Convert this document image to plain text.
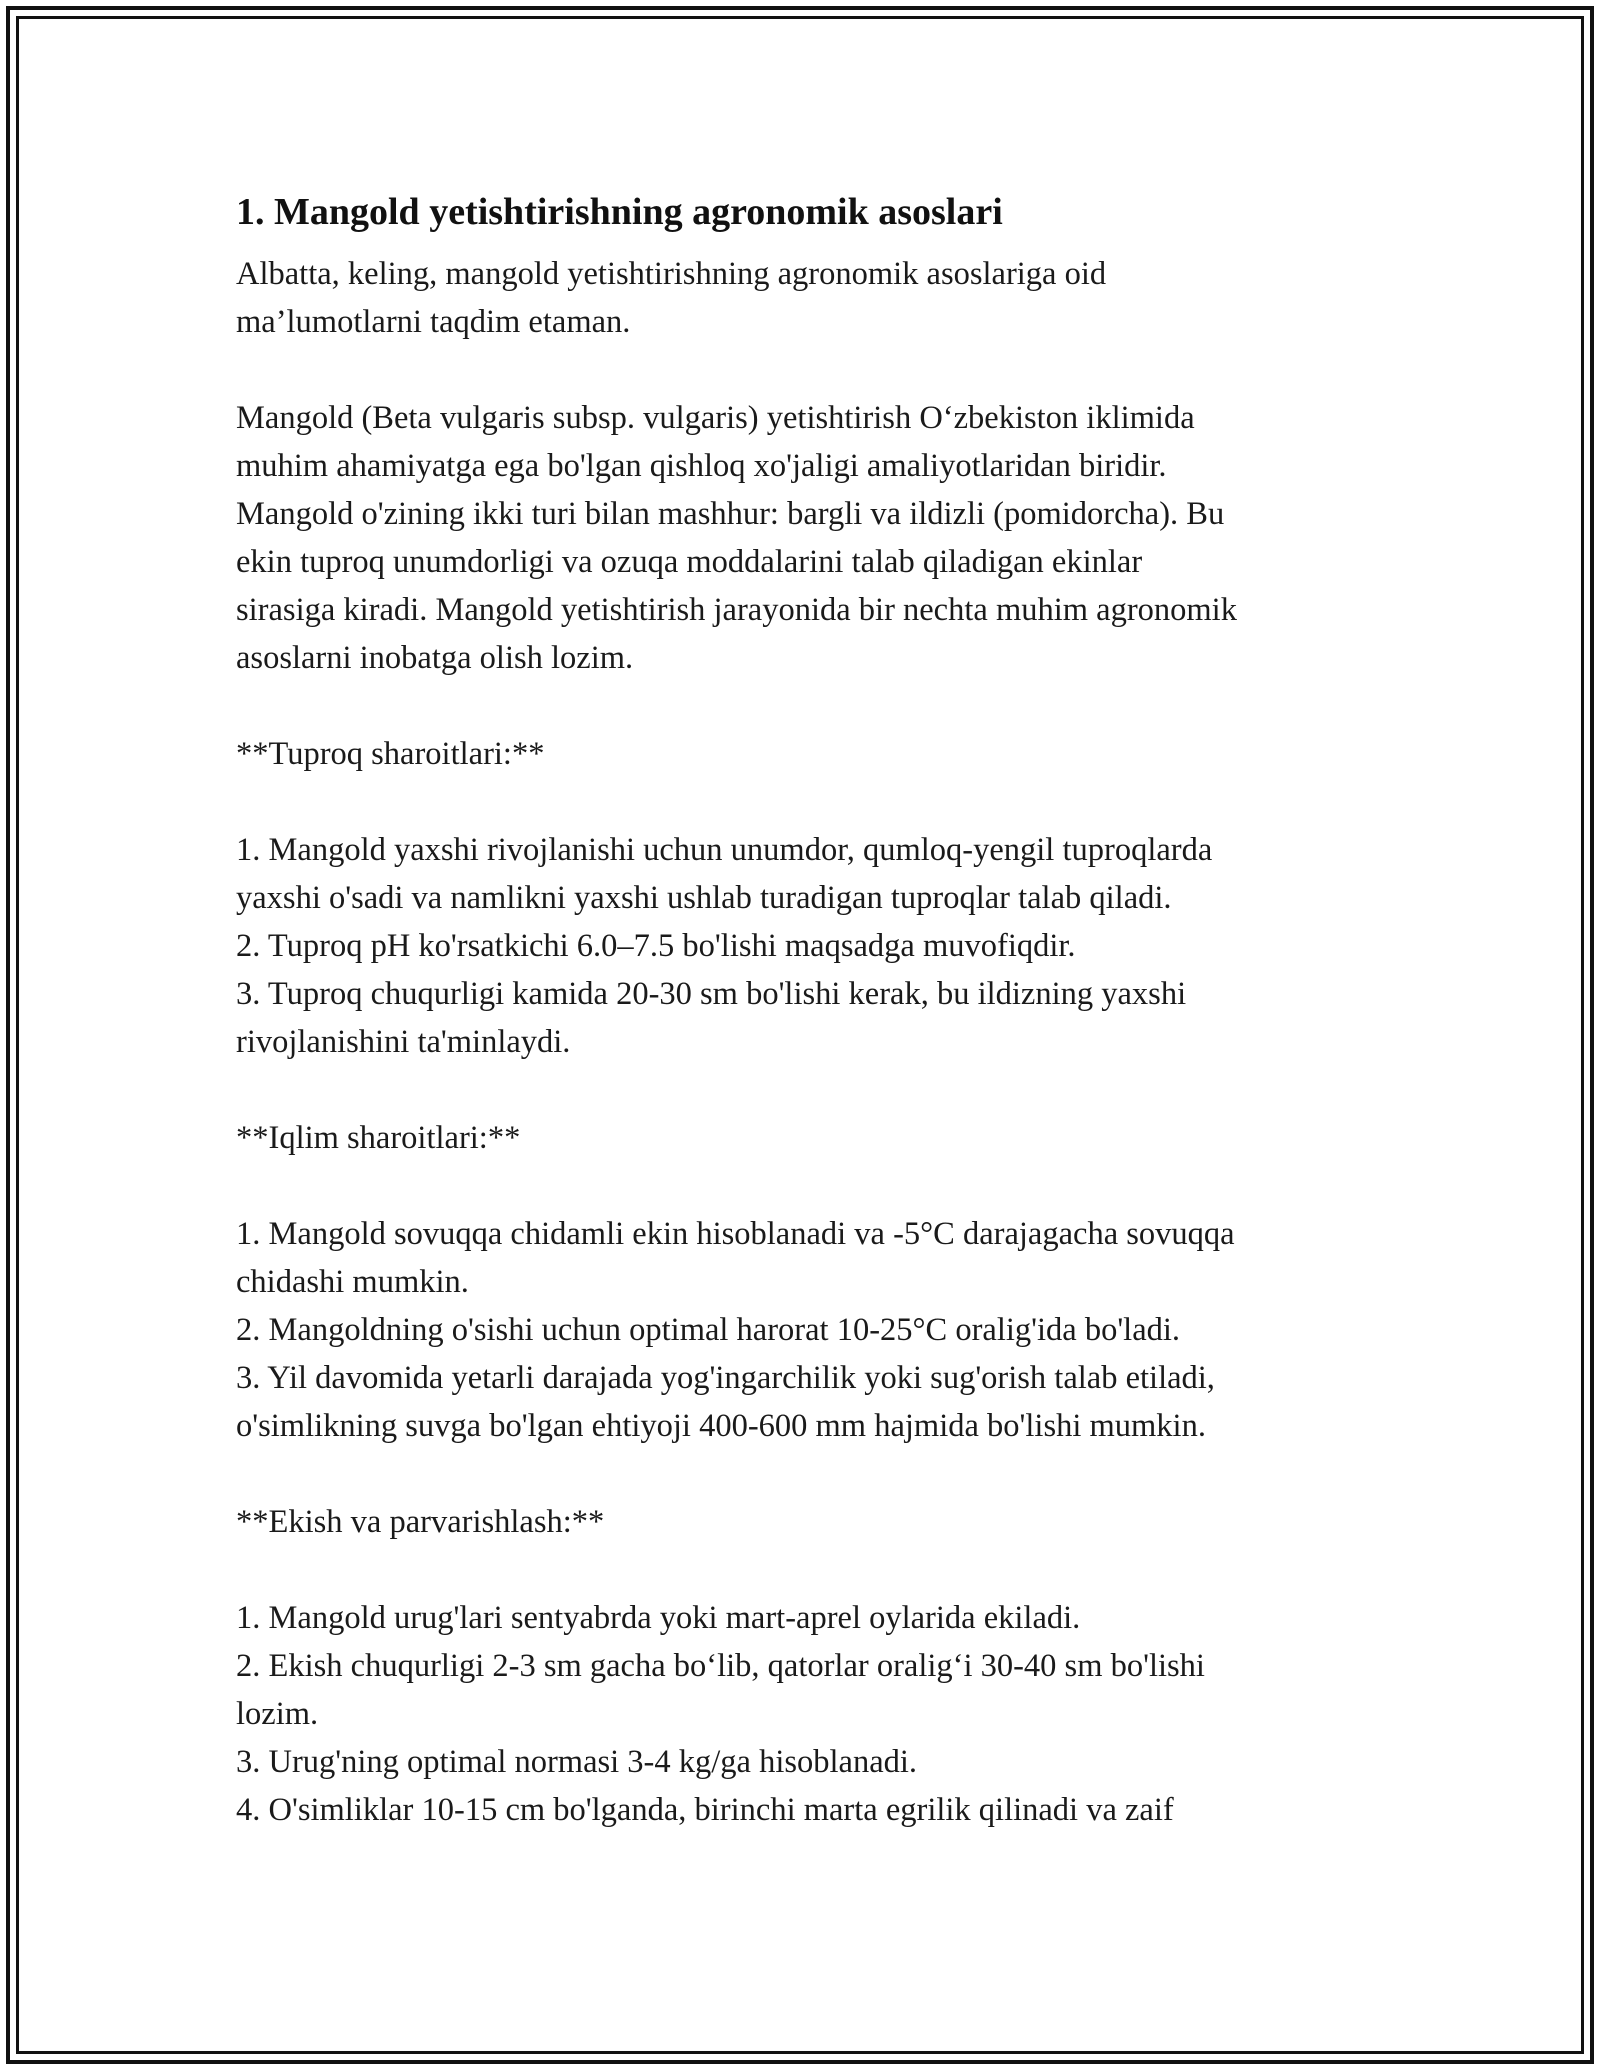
1. Mangold yetishtirishning agronomik asoslari

Albatta, keling, mangold yetishtirishning agronomik asoslariga oid
ma’lumotlarni taqdim etaman.

Mangold (Beta vulgaris subsp. vulgaris) yetishtirish O‘zbekiston iklimida
muhim ahamiyatga ega bo'lgan qishloq xo'jaligi amaliyotlaridan biridir.
Mangold o'zining ikki turi bilan mashhur: bargli va ildizli (pomidorcha). Bu
ekin tuproq unumdorligi va ozuqa moddalarini talab qiladigan ekinlar
sirasiga kiradi. Mangold yetishtirish jarayonida bir nechta muhim agronomik
asoslarni inobatga olish lozim.

**Tuproq sharoitlari:**

1. Mangold yaxshi rivojlanishi uchun unumdor, qumloq-yengil tuproqlarda
yaxshi o'sadi va namlikni yaxshi ushlab turadigan tuproqlar talab qiladi.
2. Tuproq pH ko'rsatkichi 6.0–7.5 bo'lishi maqsadga muvofiqdir.
3. Tuproq chuqurligi kamida 20-30 sm bo'lishi kerak, bu ildizning yaxshi
rivojlanishini ta'minlaydi.

**Iqlim sharoitlari:**

1. Mangold sovuqqa chidamli ekin hisoblanadi va -5°C darajagacha sovuqqa
chidashi mumkin.
2. Mangoldning o'sishi uchun optimal harorat 10-25°C oralig'ida bo'ladi.
3. Yil davomida yetarli darajada yog'ingarchilik yoki sug'orish talab etiladi,
o'simlikning suvga bo'lgan ehtiyoji 400-600 mm hajmida bo'lishi mumkin.

**Ekish va parvarishlash:**

1. Mangold urug'lari sentyabrda yoki mart-aprel oylarida ekiladi.
2. Ekish chuqurligi 2-3 sm gacha bo‘lib, qatorlar oralig‘i 30-40 sm bo'lishi
lozim.
3. Urug'ning optimal normasi 3-4 kg/ga hisoblanadi.
4. O'simliklar 10-15 cm bo'lganda, birinchi marta egrilik qilinadi va zaif
